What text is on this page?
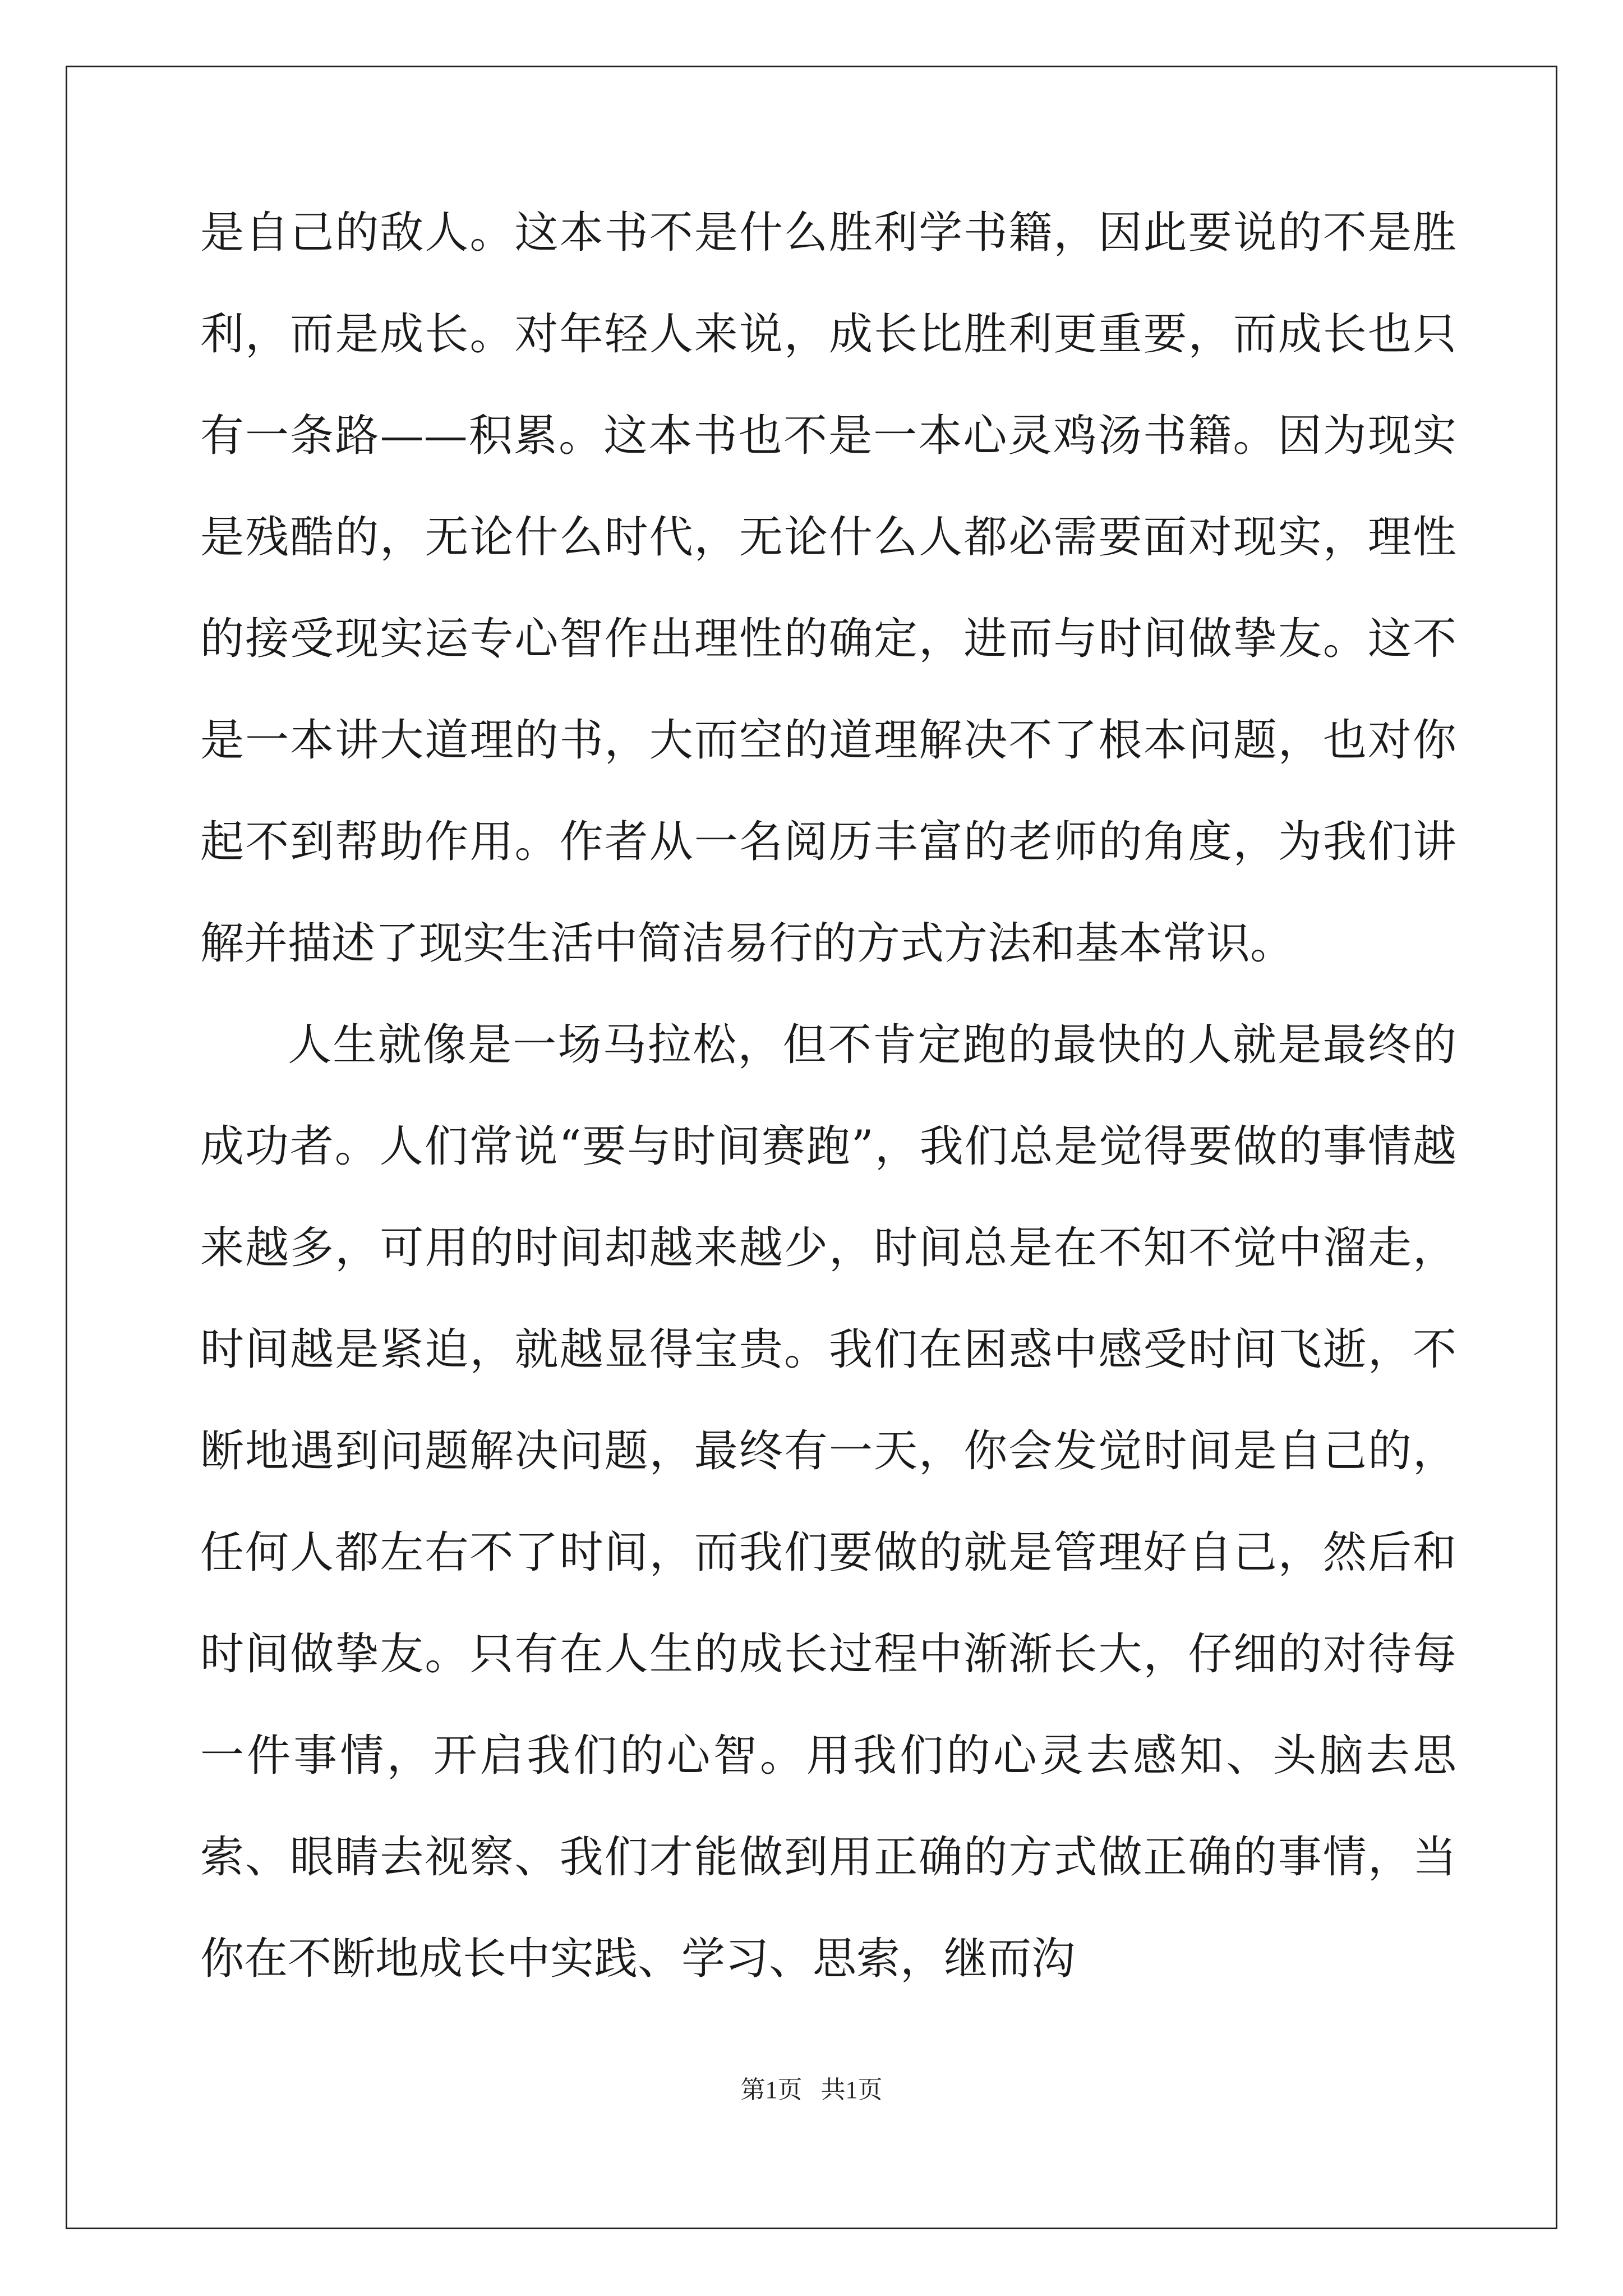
是自己的敌人。这本书不是什么胜利学书籍，因此要说的不是胜利，而是成长。对年轻人来说，成长比胜利更重要，而成长也只有一条路——积累。这本书也不是一本心灵鸡汤书籍。因为现实是残酷的，无论什么时代，无论什么人都必需要面对现实，理性的接受现实运专心智作出理性的确定，进而与时间做挚友。这不是一本讲大道理的书，大而空的道理解决不了根本问题，也对你起不到帮助作用。作者从一名阅历丰富的老师的角度，为我们讲解并描述了现实生活中简洁易行的方式方法和基本常识。

人生就像是一场马拉松，但不肯定跑的最快的人就是最终的成功者。人们常说“要与时间赛跑”，我们总是觉得要做的事情越来越多，可用的时间却越来越少，时间总是在不知不觉中溜走，时间越是紧迫，就越显得宝贵。我们在困惑中感受时间飞逝，不断地遇到问题解决问题，最终有一天，你会发觉时间是自己的，任何人都左右不了时间，而我们要做的就是管理好自己，然后和时间做挚友。只有在人生的成长过程中渐渐长大，仔细的对待每一件事情，开启我们的心智。用我们的心灵去感知、头脑去思索、眼睛去视察、我们才能做到用正确的方式做正确的事情，当你在不断地成长中实践、学习、思索，继而沟

第1页 共1页
